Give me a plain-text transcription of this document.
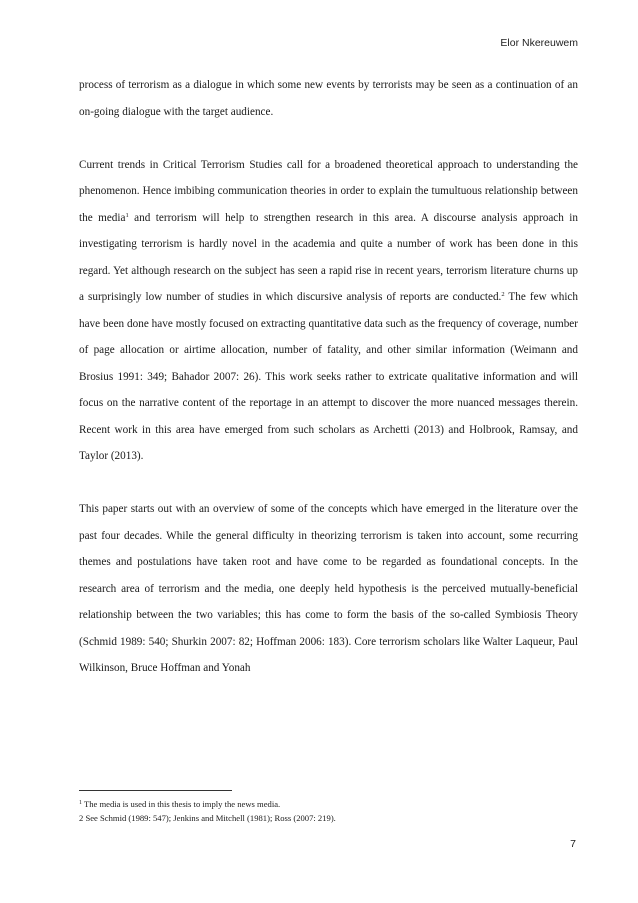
Elor Nkereuwem

process of terrorism as a dialogue in which some new events by terrorists may be seen as a continuation of an on-going dialogue with the target audience.

Current trends in Critical Terrorism Studies call for a broadened theoretical approach to understanding the phenomenon. Hence imbibing communication theories in order to explain the tumultuous relationship between the media$^1$ and terrorism will help to strengthen research in this area. A discourse analysis approach in investigating terrorism is hardly novel in the academia and quite a number of work has been done in this regard. Yet although research on the subject has seen a rapid rise in recent years, terrorism literature churns up a surprisingly low number of studies in which discursive analysis of reports are conducted.$^2$ The few which have been done have mostly focused on extracting quantitative data such as the frequency of coverage, number of page allocation or airtime allocation, number of fatality, and other similar information (Weimann and Brosius 1991: 349; Bahador 2007: 26). This work seeks rather to extricate qualitative information and will focus on the narrative content of the reportage in an attempt to discover the more nuanced messages therein. Recent work in this area have emerged from such scholars as Archetti (2013) and Holbrook, Ramsay, and Taylor (2013).

This paper starts out with an overview of some of the concepts which have emerged in the literature over the past four decades. While the general difficulty in theorizing terrorism is taken into account, some recurring themes and postulations have taken root and have come to be regarded as foundational concepts. In the research area of terrorism and the media, one deeply held hypothesis is the perceived mutually-beneficial relationship between the two variables; this has come to form the basis of the so-called Symbiosis Theory (Schmid 1989: 540; Shurkin 2007: 82; Hoffman 2006: 183). Core terrorism scholars like Walter Laqueur, Paul Wilkinson, Bruce Hoffman and Yonah

$^1$ The media is used in this thesis to imply the news media.
2 See Schmid (1989: 547); Jenkins and Mitchell (1981); Ross (2007: 219).
7
